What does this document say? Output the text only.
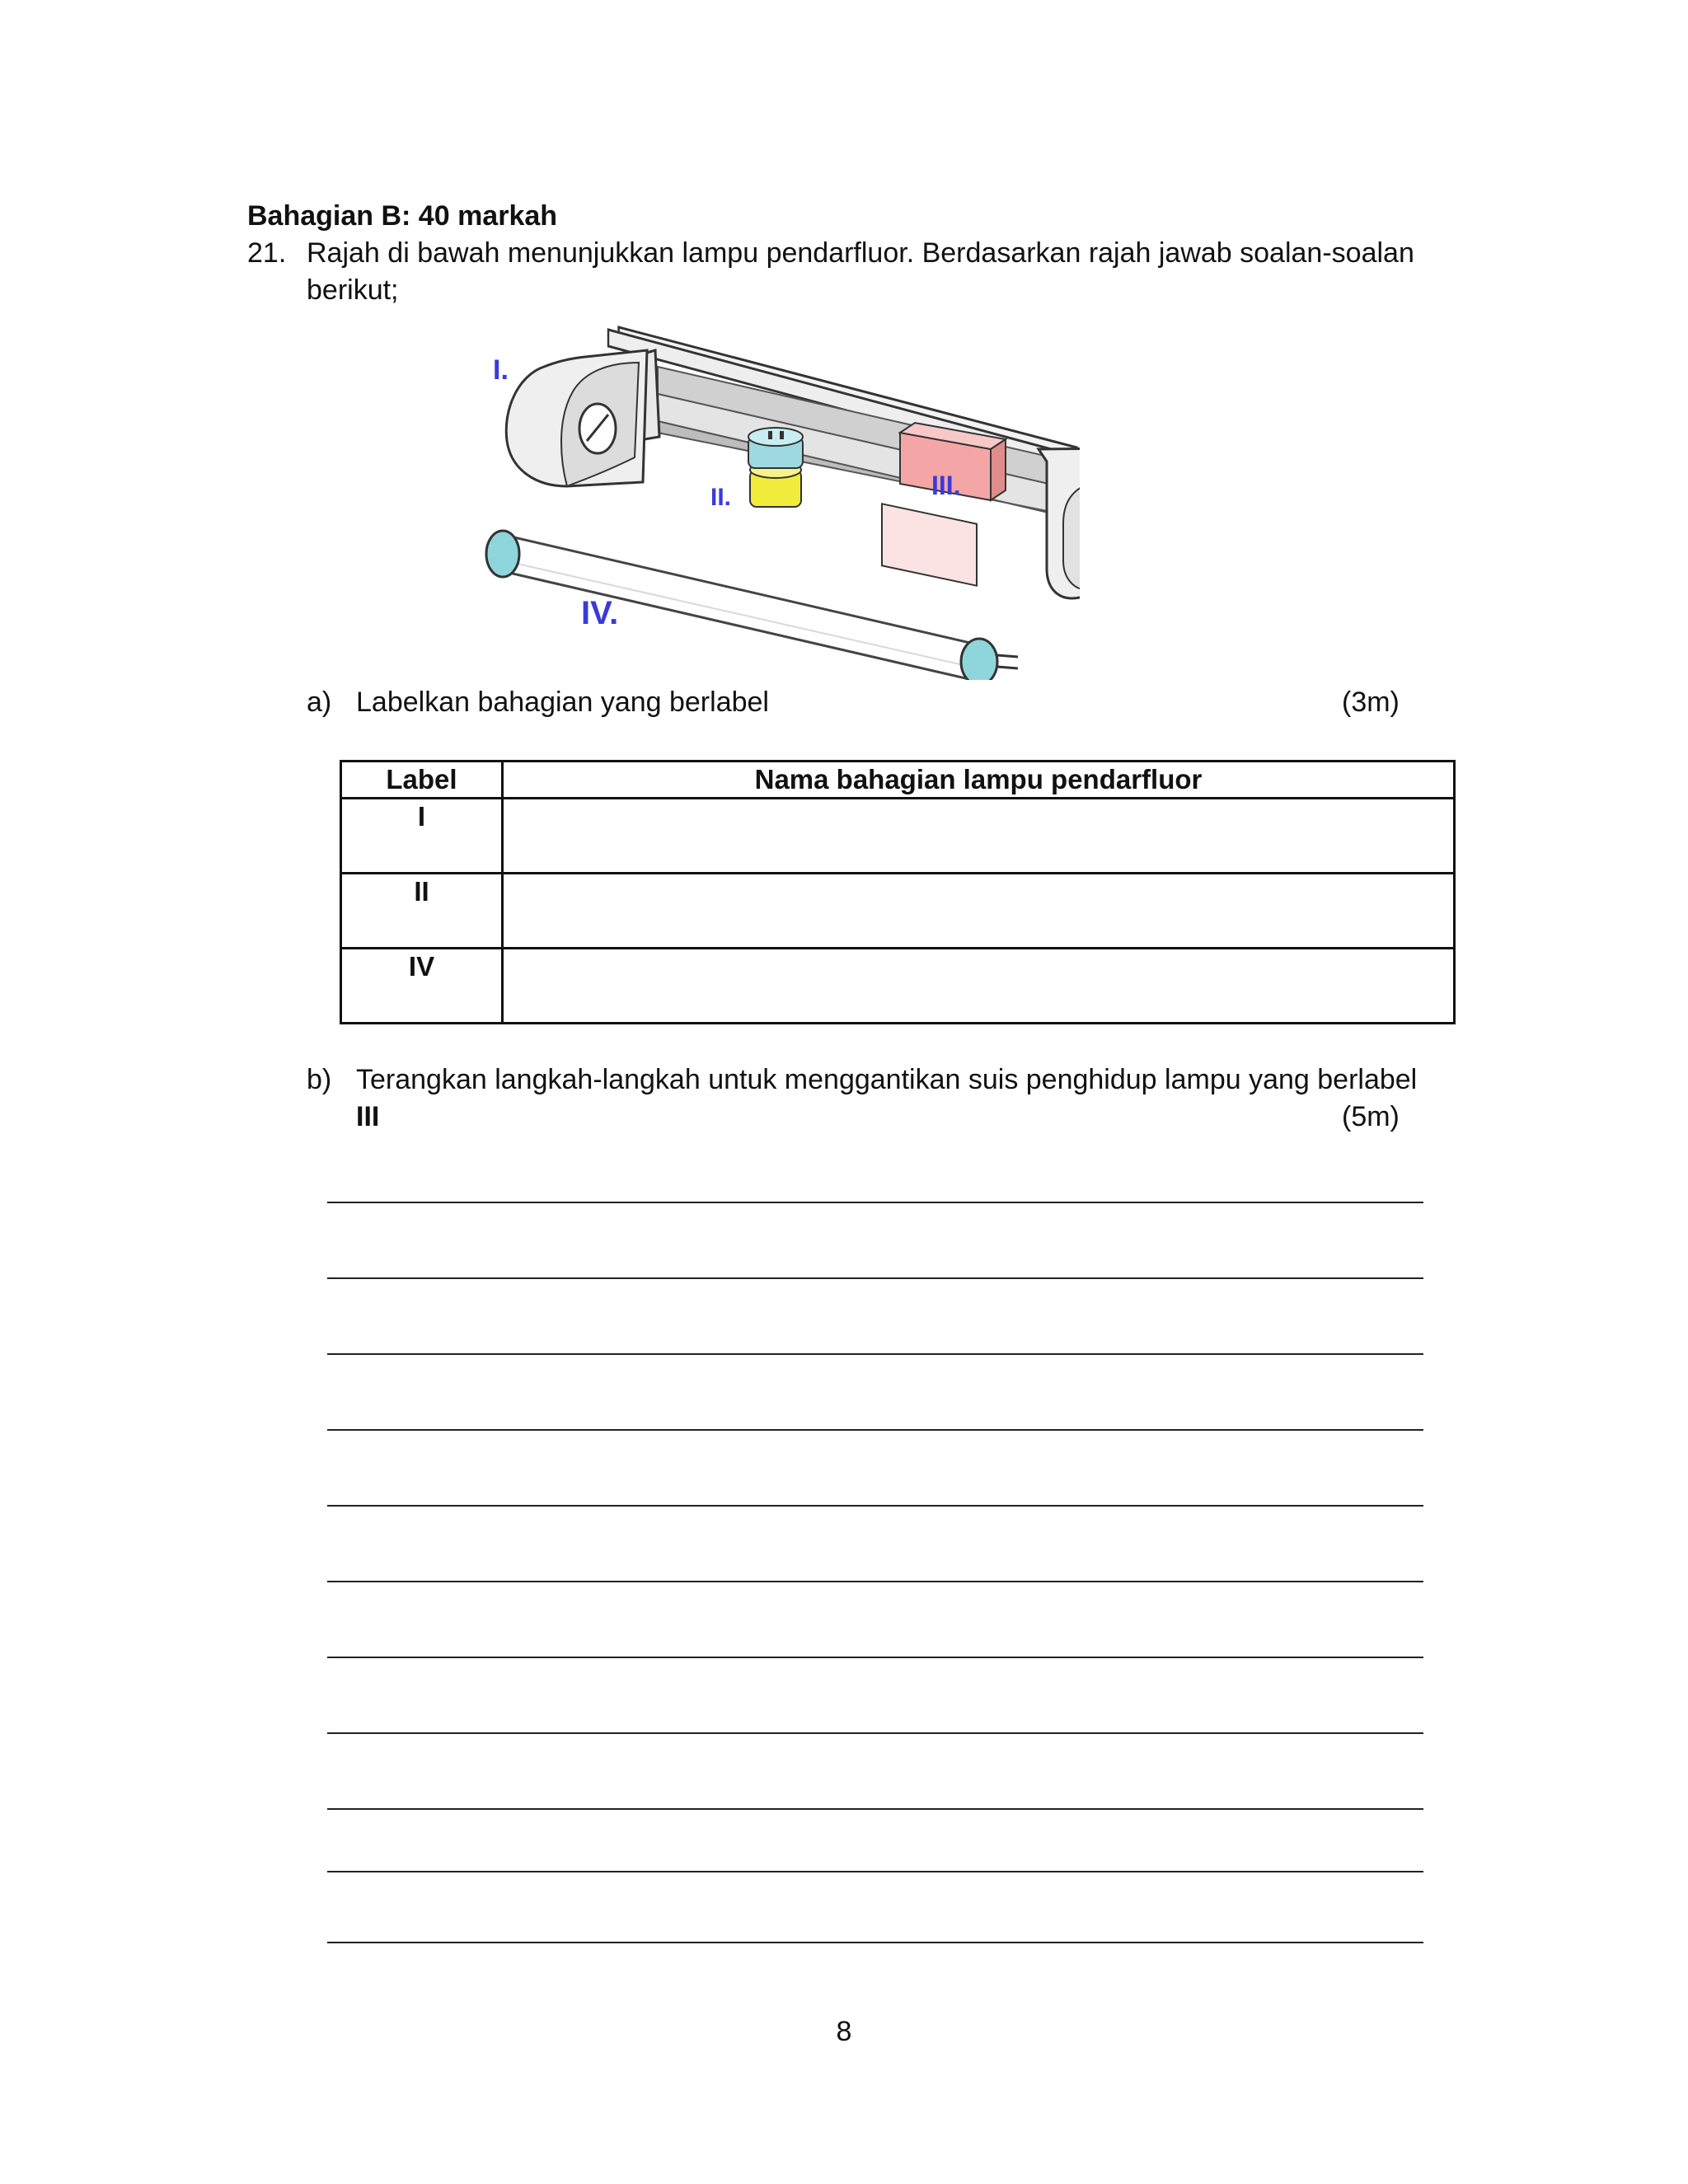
Bahagian B: 40 markah
21. Rajah di bawah menunjukkan lampu pendarfluor. Berdasarkan rajah jawab soalan-soalan
berikut;
I.
II.	III.
IV.
a) Labelkan bahagian yang berlabel	(3m)
Label	Nama bahagian lampu pendarfluor
I	
II	
IV	
b) Terangkan langkah-langkah untuk menggantikan suis penghidup lampu yang berlabel
III	(5m)
8
